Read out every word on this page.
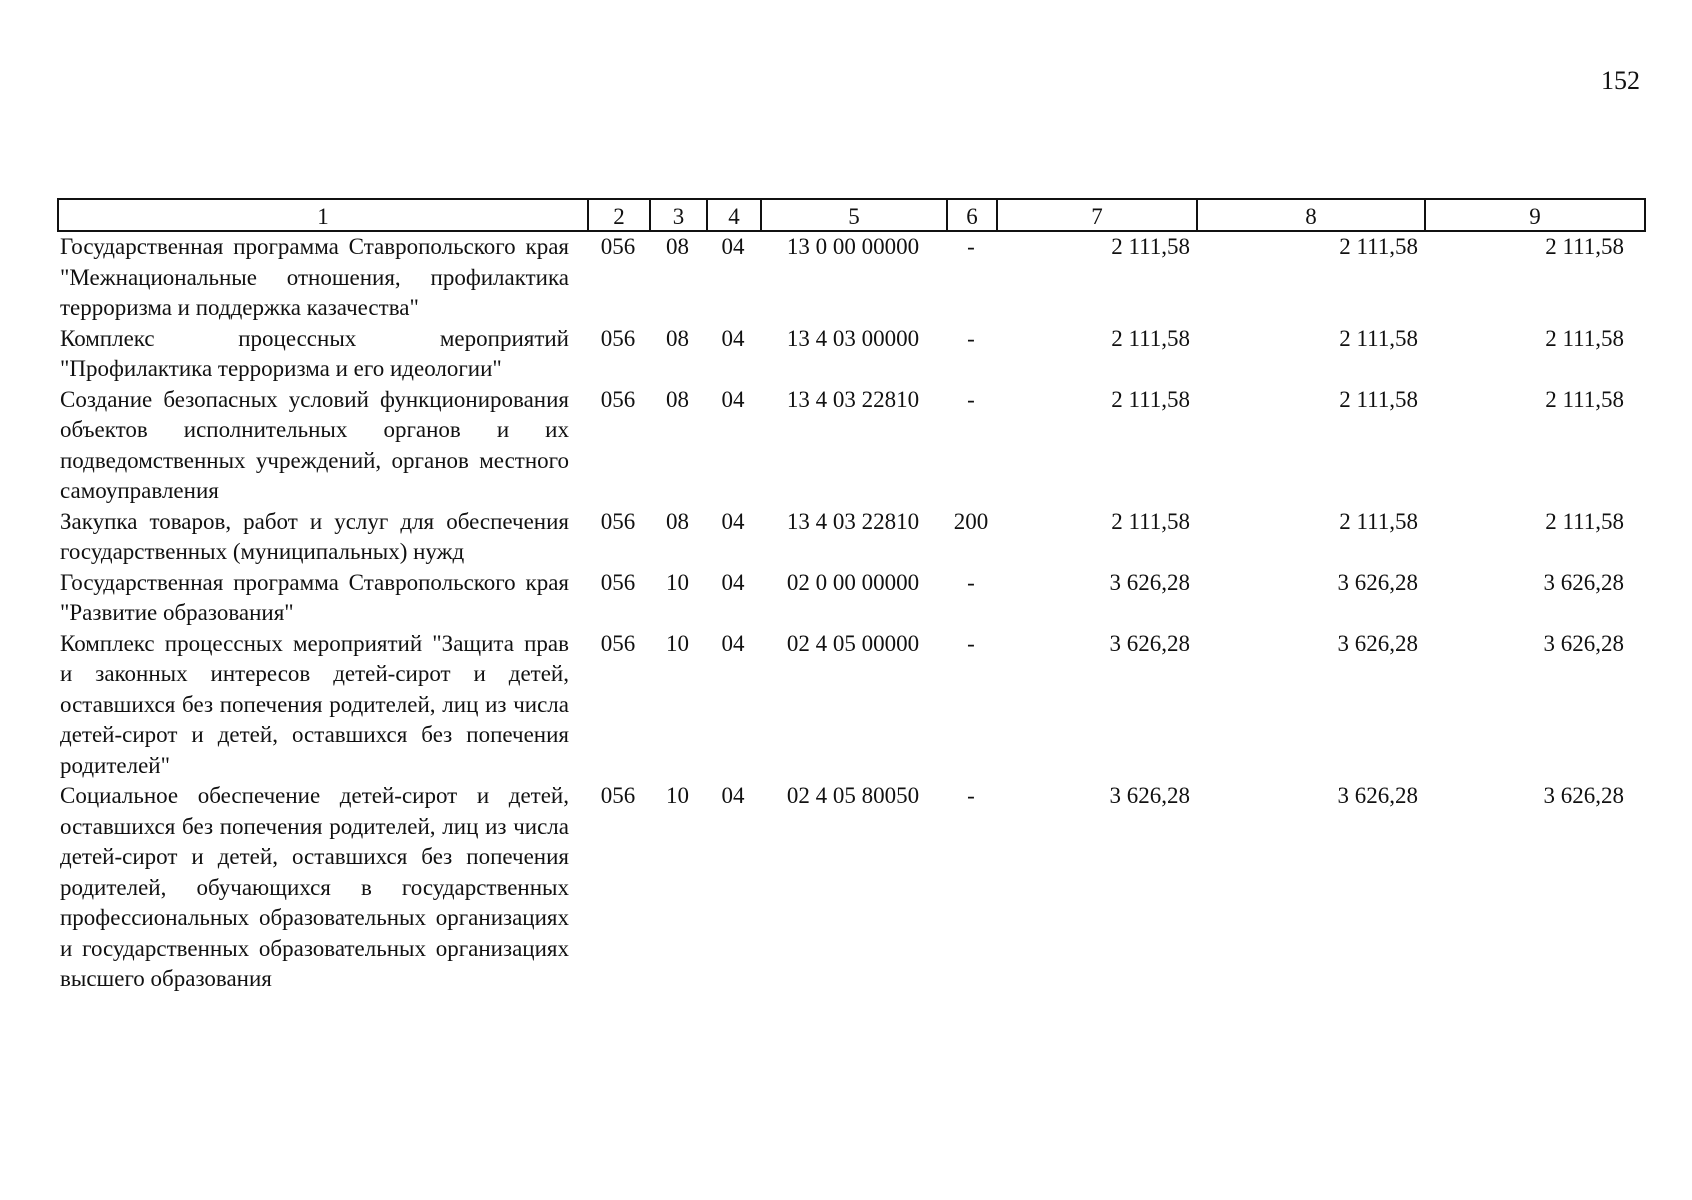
152
1	2	3	4	5	6	7	8	9
Государственная программа Ставропольского края "Межнациональные отношения, профилактика терроризма и поддержка казачества"	056	08	04	13 0 00 00000	-	2 111,58	2 111,58	2 111,58
Комплекс процессных мероприятий "Профилактика терроризма и его идеологии"	056	08	04	13 4 03 00000	-	2 111,58	2 111,58	2 111,58
Создание безопасных условий функционирования объектов исполнительных органов и их подведомственных учреждений, органов местного самоуправления	056	08	04	13 4 03 22810	-	2 111,58	2 111,58	2 111,58
Закупка товаров, работ и услуг для обеспечения государственных (муниципальных) нужд	056	08	04	13 4 03 22810	200	2 111,58	2 111,58	2 111,58
Государственная программа Ставропольского края "Развитие образования"	056	10	04	02 0 00 00000	-	3 626,28	3 626,28	3 626,28
Комплекс процессных мероприятий "Защита прав и законных интересов детей-сирот и детей, оставшихся без попечения родителей, лиц из числа детей-сирот и детей, оставшихся без попечения родителей"	056	10	04	02 4 05 00000	-	3 626,28	3 626,28	3 626,28
Социальное обеспечение детей-сирот и детей, оставшихся без попечения родителей, лиц из числа детей-сирот и детей, оставшихся без попечения родителей, обучающихся в государственных профессиональных образовательных организациях и государственных образовательных организациях высшего образования	056	10	04	02 4 05 80050	-	3 626,28	3 626,28	3 626,28
